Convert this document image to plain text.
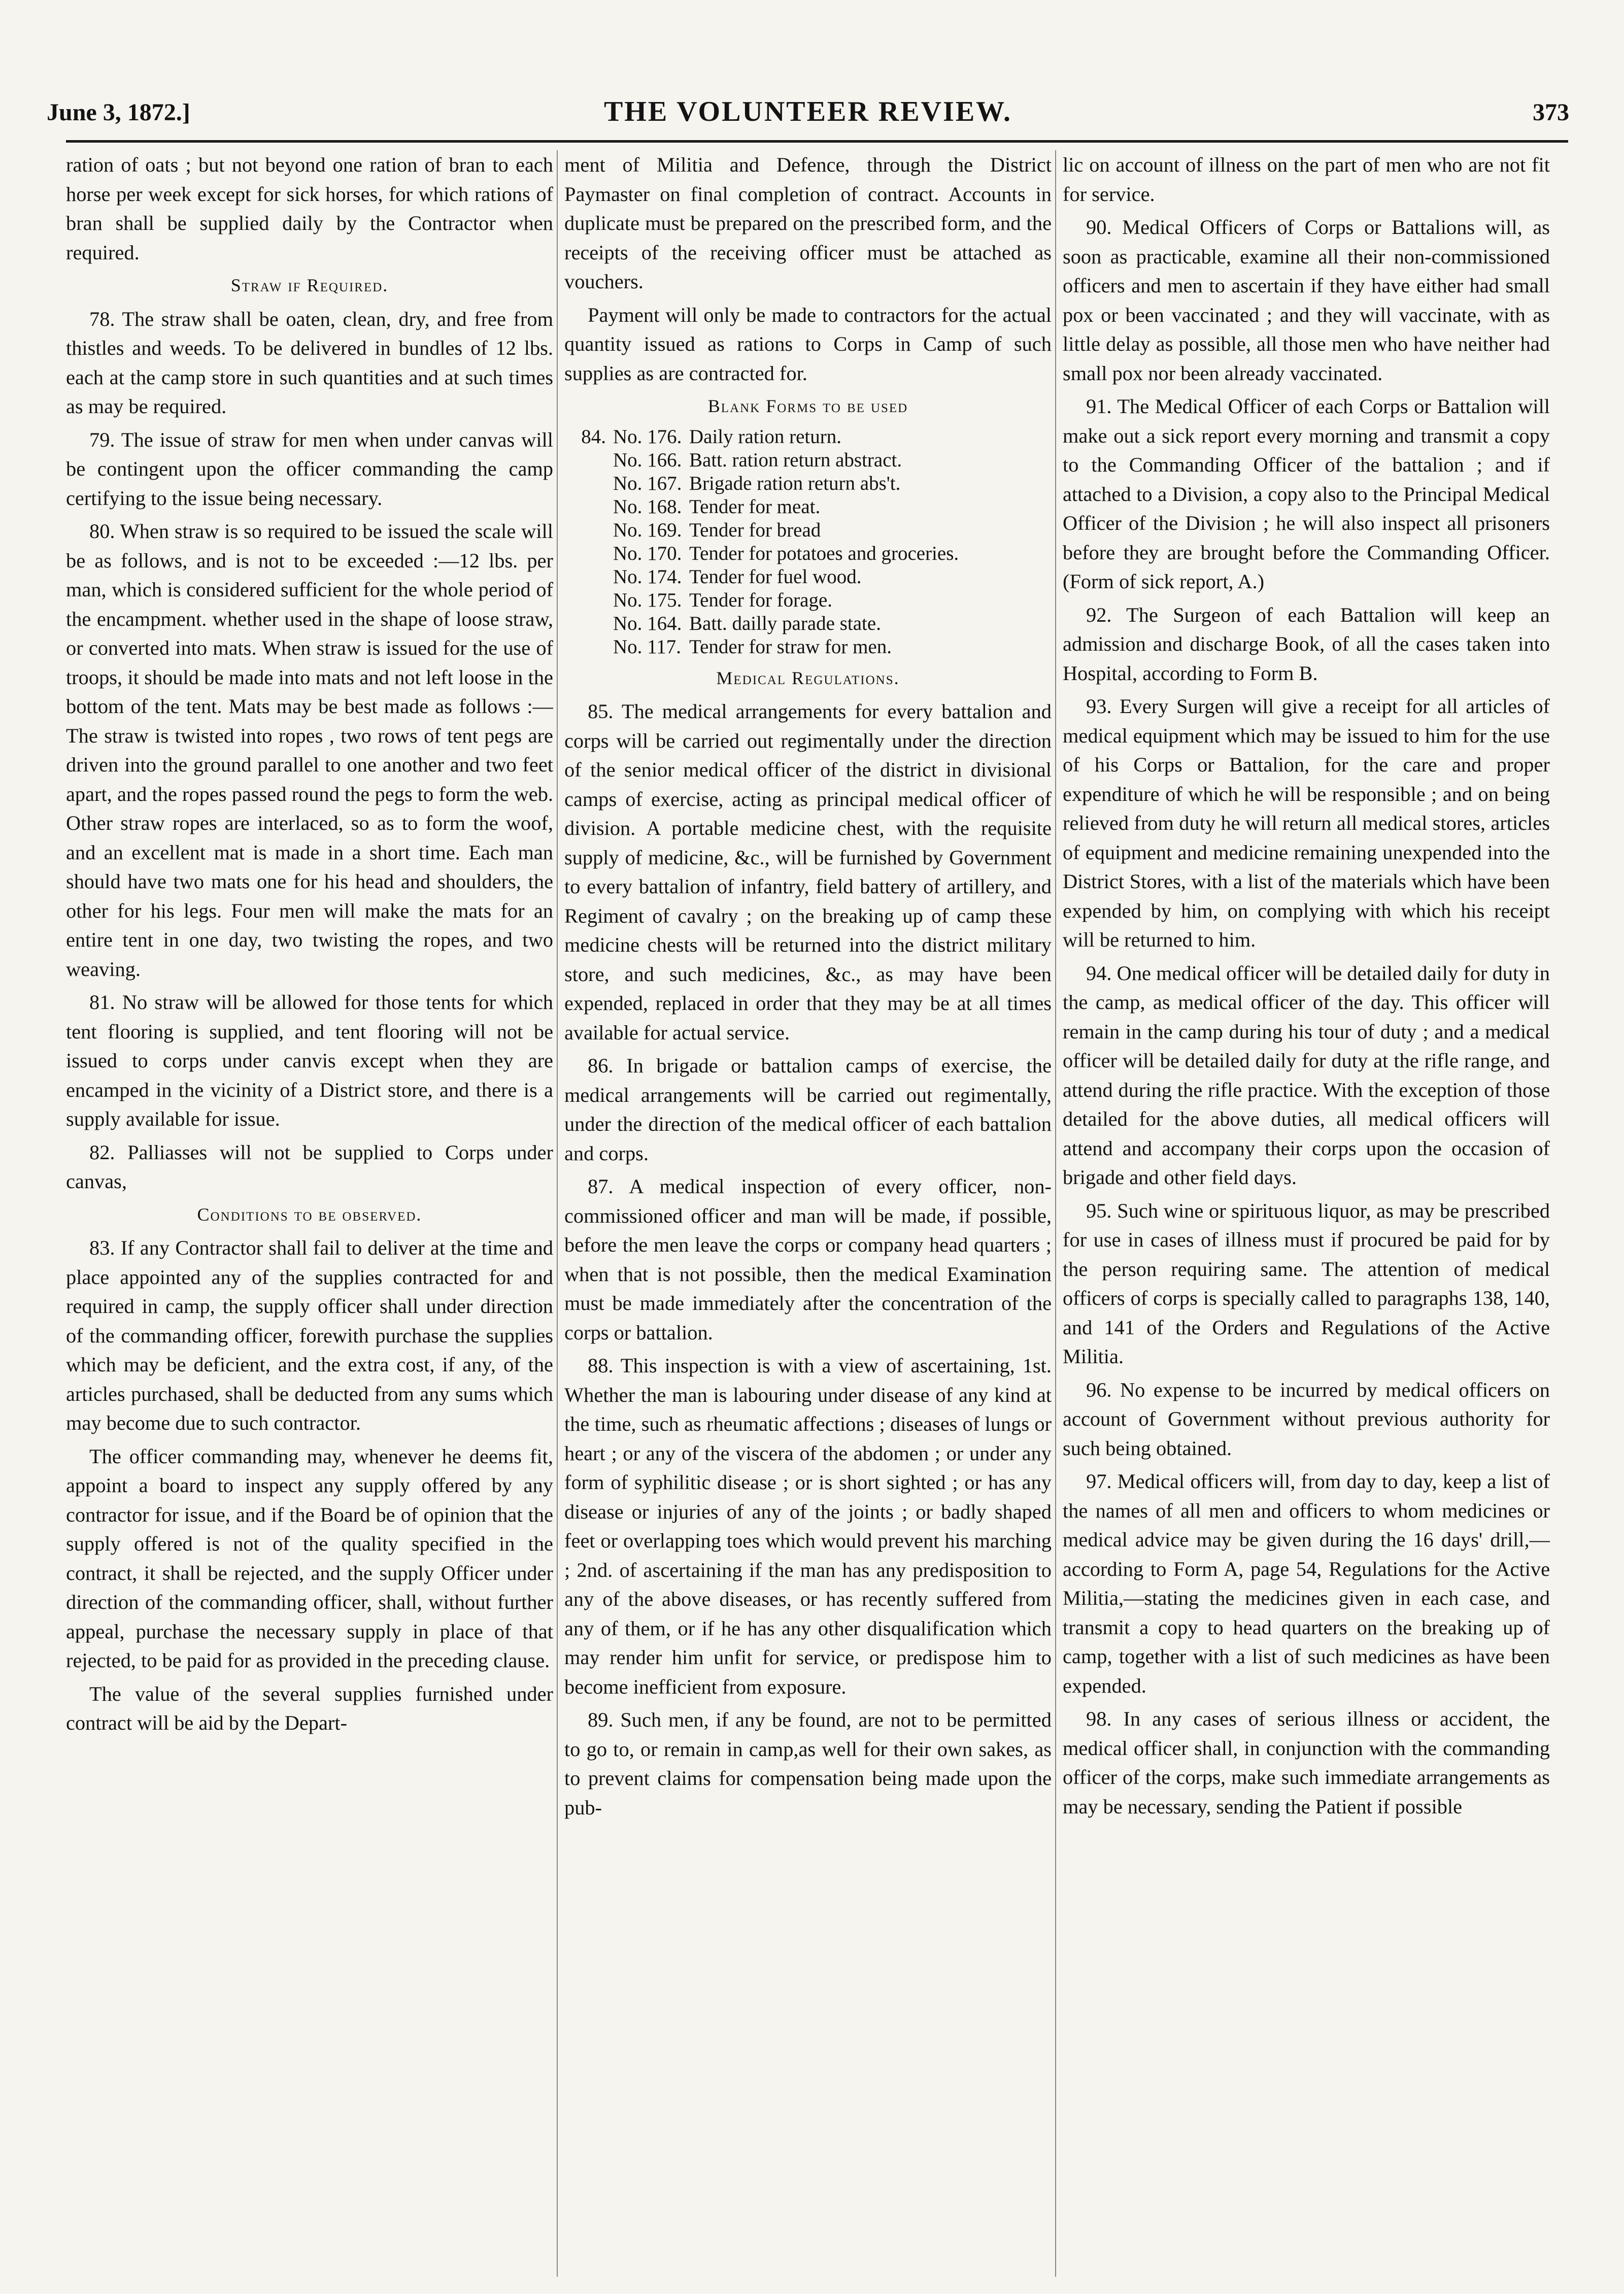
June 3, 1872.]	THE VOLUNTEER REVIEW.	373

ration of oats ; but not beyond one ration of bran to each horse per week except for sick horses, for which rations of bran shall be supplied daily by the Contractor when required.

Straw if Required.

78. The straw shall be oaten, clean, dry, and free from thistles and weeds. To be delivered in bundles of 12 lbs. each at the camp store in such quantities and at such times as may be required.

79. The issue of straw for men when under canvas will be contingent upon the officer commanding the camp certifying to the issue being necessary.

80. When straw is so required to be issued the scale will be as follows, and is not to be exceeded :—12 lbs. per man, which is considered sufficient for the whole period of the encampment. whether used in the shape of loose straw, or converted into mats. When straw is issued for the use of troops, it should be made into mats and not left loose in the bottom of the tent. Mats may be best made as follows :—The straw is twisted into ropes , two rows of tent pegs are driven into the ground parallel to one another and two feet apart, and the ropes passed round the pegs to form the web. Other straw ropes are interlaced, so as to form the woof, and an excellent mat is made in a short time. Each man should have two mats one for his head and shoulders, the other for his legs. Four men will make the mats for an entire tent in one day, two twisting the ropes, and two weaving.

81. No straw will be allowed for those tents for which tent flooring is supplied, and tent flooring will not be issued to corps under canvis except when they are encamped in the vicinity of a District store, and there is a supply available for issue.

82. Palliasses will not be supplied to Corps under canvas,

Conditions to be observed.

83. If any Contractor shall fail to deliver at the time and place appointed any of the supplies contracted for and required in camp, the supply officer shall under direction of the commanding officer, forewith purchase the supplies which may be deficient, and the extra cost, if any, of the articles purchased, shall be deducted from any sums which may become due to such contractor.

The officer commanding may, whenever he deems fit, appoint a board to inspect any supply offered by any contractor for issue, and if the Board be of opinion that the supply offered is not of the quality specified in the contract, it shall be rejected, and the supply Officer under direction of the commanding officer, shall, without further appeal, purchase the necessary supply in place of that rejected, to be paid for as provided in the preceding clause.

The value of the several supplies furnished under contract will be aid by the Depart-

ment of Militia and Defence, through the District Paymaster on final completion of contract. Accounts in duplicate must be prepared on the prescribed form, and the receipts of the receiving officer must be attached as vouchers.

Payment will only be made to contractors for the actual quantity issued as rations to Corps in Camp of such supplies as are contracted for.

Blank Forms to be used
84. No. 176. Daily ration return.
No. 166. Batt. ration return abstract.
No. 167. Brigade ration return abs't.
No. 168. Tender for meat.
No. 169. Tender for bread
No. 170. Tender for potatoes and groceries.
No. 174. Tender for fuel wood.
No. 175. Tender for forage.
No. 164. Batt. dailly parade state.
No. 117. Tender for straw for men.
Medical Regulations.

85. The medical arrangements for every battalion and corps will be carried out regimentally under the direction of the senior medical officer of the district in divisional camps of exercise, acting as principal medical officer of division. A portable medicine chest, with the requisite supply of medicine, &c., will be furnished by Government to every battalion of infantry, field battery of artillery, and Regiment of cavalry ; on the breaking up of camp these medicine chests will be returned into the district military store, and such medicines, &c., as may have been expended, replaced in order that they may be at all times available for actual service.

86. In brigade or battalion camps of exercise, the medical arrangements will be carried out regimentally, under the direction of the medical officer of each battalion and corps.

87. A medical inspection of every officer, non-commissioned officer and man will be made, if possible, before the men leave the corps or company head quarters ; when that is not possible, then the medical Examination must be made immediately after the concentration of the corps or battalion.

88. This inspection is with a view of ascertaining, 1st. Whether the man is labouring under disease of any kind at the time, such as rheumatic affections ; diseases of lungs or heart ; or any of the viscera of the abdomen ; or under any form of syphilitic disease ; or is short sighted ; or has any disease or injuries of any of the joints ; or badly shaped feet or overlapping toes which would prevent his marching ; 2nd. of ascertaining if the man has any predisposition to any of the above diseases, or has recently suffered from any of them, or if he has any other disqualification which may render him unfit for service, or predispose him to become inefficient from exposure.

89. Such men, if any be found, are not to be permitted to go to, or remain in camp,as well for their own sakes, as to prevent claims for compensation being made upon the pub-

lic on account of illness on the part of men who are not fit for service.

90. Medical Officers of Corps or Battalions will, as soon as practicable, examine all their non-commissioned officers and men to ascertain if they have either had small pox or been vaccinated ; and they will vaccinate, with as little delay as possible, all those men who have neither had small pox nor been already vaccinated.

91. The Medical Officer of each Corps or Battalion will make out a sick report every morning and transmit a copy to the Commanding Officer of the battalion ; and if attached to a Division, a copy also to the Principal Medical Officer of the Division ; he will also inspect all prisoners before they are brought before the Commanding Officer. (Form of sick report, A.)

92. The Surgeon of each Battalion will keep an admission and discharge Book, of all the cases taken into Hospital, according to Form B.

93. Every Surgen will give a receipt for all articles of medical equipment which may be issued to him for the use of his Corps or Battalion, for the care and proper expenditure of which he will be responsible ; and on being relieved from duty he will return all medical stores, articles of equipment and medicine remaining unexpended into the District Stores, with a list of the materials which have been expended by him, on complying with which his receipt will be returned to him.

94. One medical officer will be detailed daily for duty in the camp, as medical officer of the day. This officer will remain in the camp during his tour of duty ; and a medical officer will be detailed daily for duty at the rifle range, and attend during the rifle practice. With the exception of those detailed for the above duties, all medical officers will attend and accompany their corps upon the occasion of brigade and other field days.

95. Such wine or spirituous liquor, as may be prescribed for use in cases of illness must if procured be paid for by the person requiring same. The attention of medical officers of corps is specially called to paragraphs 138, 140, and 141 of the Orders and Regulations of the Active Militia.

96. No expense to be incurred by medical officers on account of Government without previous authority for such being obtained.

97. Medical officers will, from day to day, keep a list of the names of all men and officers to whom medicines or medical advice may be given during the 16 days' drill,—according to Form A, page 54, Regulations for the Active Militia,—stating the medicines given in each case, and transmit a copy to head quarters on the breaking up of camp, together with a list of such medicines as have been expended.

98. In any cases of serious illness or accident, the medical officer shall, in conjunction with the commanding officer of the corps, make such immediate arrangements as may be necessary, sending the Patient if possible
